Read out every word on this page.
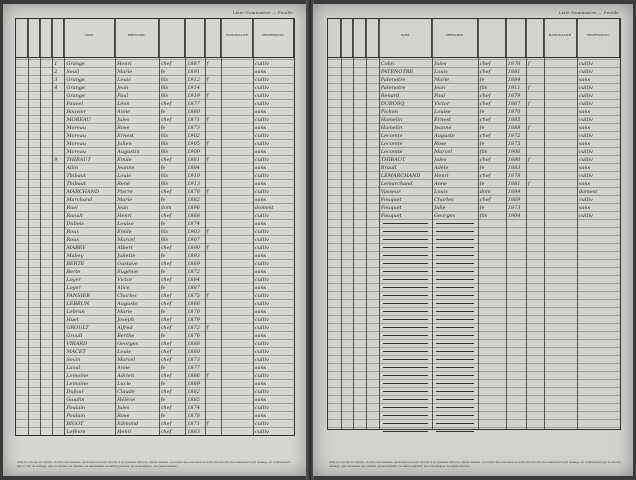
Liste Nominative — Feuille
NOM	PRÉNOMS	NATIONALITÉ	PROFESSION
1	Grange	Henri	chef	1887	f	cultiv
2	Seuil	Marie	fe	1891	sans
3	Grange	Louis	fils	1912	f	cultiv
4	Grange	Jean	fils	1914	cultiv
Grange	Paul	fils	1919	f	cultiv
Fauvel	Léon	chef	1877	cultiv
Bouvier	Anne	fe	1880	sans
MOREAU	Jules	chef	1871	f	cultiv
Moreau	Rose	fe	1873	sans
Moreau	Ernest	fils	1902	cultiv
Moreau	Julien	fils	1905	f	cultiv
Moreau	Augustin	fils	1909	sans
9	THIBAUT	Emile	chef	1881	f	cultiv
Allin	Jeanne	fe	1884	sans
Thibaut	Louis	fils	1910	cultiv
Thibaut	René	fils	1913	sans
MARCHAND	Pierre	chef	1878	f	cultiv
Marchand	Marie	fe	1882	sans
Ruel	Jean	dom	1896	domest
Raoult	Henri	chef	1868	cultiv
Dubois	Louise	fe	1874	sans
Roux	Emile	fils	1903	f	cultiv
Roux	Marcel	fils	1907	cultiv
MABEY	Albert	chef	1890	f	cultiv
Mabey	Juliette	fe	1893	sans
BERTE	Gustave	chef	1869	cultiv
Berte	Eugénie	fe	1872	sans
Loyer	Victor	chef	1884	cultiv
Loyer	Alice	fe	1887	sans
PANSIER	Charles	chef	1875	f	cultiv
LEBRUN	Auguste	chef	1866	cultiv
Lebrun	Marie	fe	1870	sans
Huet	Joseph	chef	1879	cultiv
GROULT	Alfred	chef	1872	f	cultiv
Groult	Berthe	fe	1876	sans
VIRARD	Georges	chef	1888	cultiv
MACET	Louis	chef	1880	cultiv
Sevin	Marcel	chef	1873	cultiv
Laval	Anne	fe	1877	sans
Lemoine	Adrien	chef	1886	f	cultiv
Lemoine	Lucie	fe	1889	sans
Dufour	Claude	chef	1882	cultiv
Gaudin	Hélène	fe	1885	sans
Poulain	Jules	chef	1874	cultiv
Poulain	Rose	fe	1878	sans
BIGOT	Edmond	chef	1871	f	cultiv
Lefèvre	Henri	chef	1883	cultiv
Dans la colonne du numéro d'ordre des maisons, les numéros seront inscrits à la première ligne de chaque maison. Les noms des personnes doivent être inscrits successivement par ménage, en commençant par le chef de ménage, puis sa femme, les enfants, les ascendants, les autres parents, les domestiques, les pensionnaires.
Liste Nominative — Feuille
NOM	PRÉNOMS	NATIONALITÉ	PROFESSION
Colin	Jules	chef	1876	f	cultiv
PATENOTRE	Louis	chef	1881	cultiv
Patenotre	Marie	fe	1884	sans
Patenotre	Jean	fils	1911	f	cultiv
Renard	Paul	chef	1879	cultiv
DUBOSQ	Victor	chef	1867	f	cultiv
Pichon	Louise	fe	1870	sans
Hamelin	Ernest	chef	1885	cultiv
Hamelin	Jeanne	fe	1888	f	sans
Lecomte	Auguste	chef	1872	cultiv
Lecomte	Rose	fe	1875	sans
Lecomte	Marcel	fils	1906	cultiv
THIBAUT	Jules	chef	1880	f	cultiv
Brault	Adèle	fe	1883	sans
LEMARCHAND	Henri	chef	1878	cultiv
Lemarchand	Anne	fe	1881	f	sans
Vasseur	Louis	dom	1899	domest
Fouquet	Charles	chef	1869	cultiv
Fouquet	Julie	fe	1873	sans
Fouquet	Georges	fils	1904	cultiv
Dans la colonne du numéro d'ordre des maisons, les numéros seront inscrits à la première ligne de chaque maison. Les noms des personnes doivent être inscrits successivement par ménage, en commençant par le chef de ménage, puis sa femme, les enfants, les ascendants, les autres parents, les domestiques, les pensionnaires.
